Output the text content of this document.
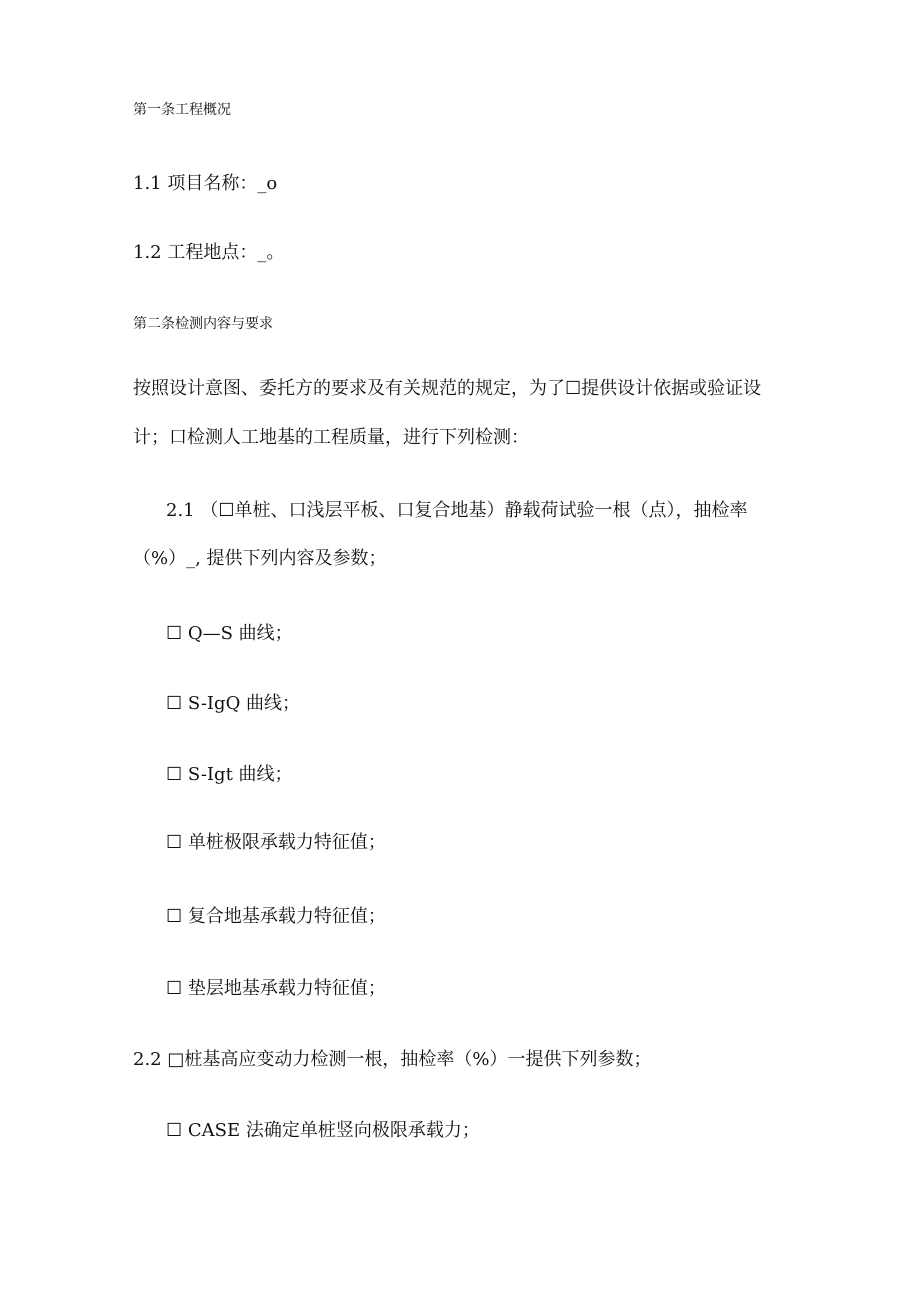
第一条工程概况
1.1 项目名称：_o
1.2 工程地点：_。
第二条检测内容与要求
按照设计意图、委托方的要求及有关规范的规定，为了☐提供设计依据或验证设
计；口检测人工地基的工程质量，进行下列检测：
2.1 （☐单桩、口浅层平板、口复合地基）静载荷试验一根（点），抽检率
（%）_, 提供下列内容及参数；
☐ Q—S 曲线；
☐ S-IgQ 曲线；
☐ S-Igt 曲线；
☐ 单桩极限承载力特征值；
☐ 复合地基承载力特征值；
☐ 垫层地基承载力特征值；
2.2 □桩基高应变动力检测一根，抽检率（%）一提供下列参数；
☐ CASE 法确定单桩竖向极限承载力；
